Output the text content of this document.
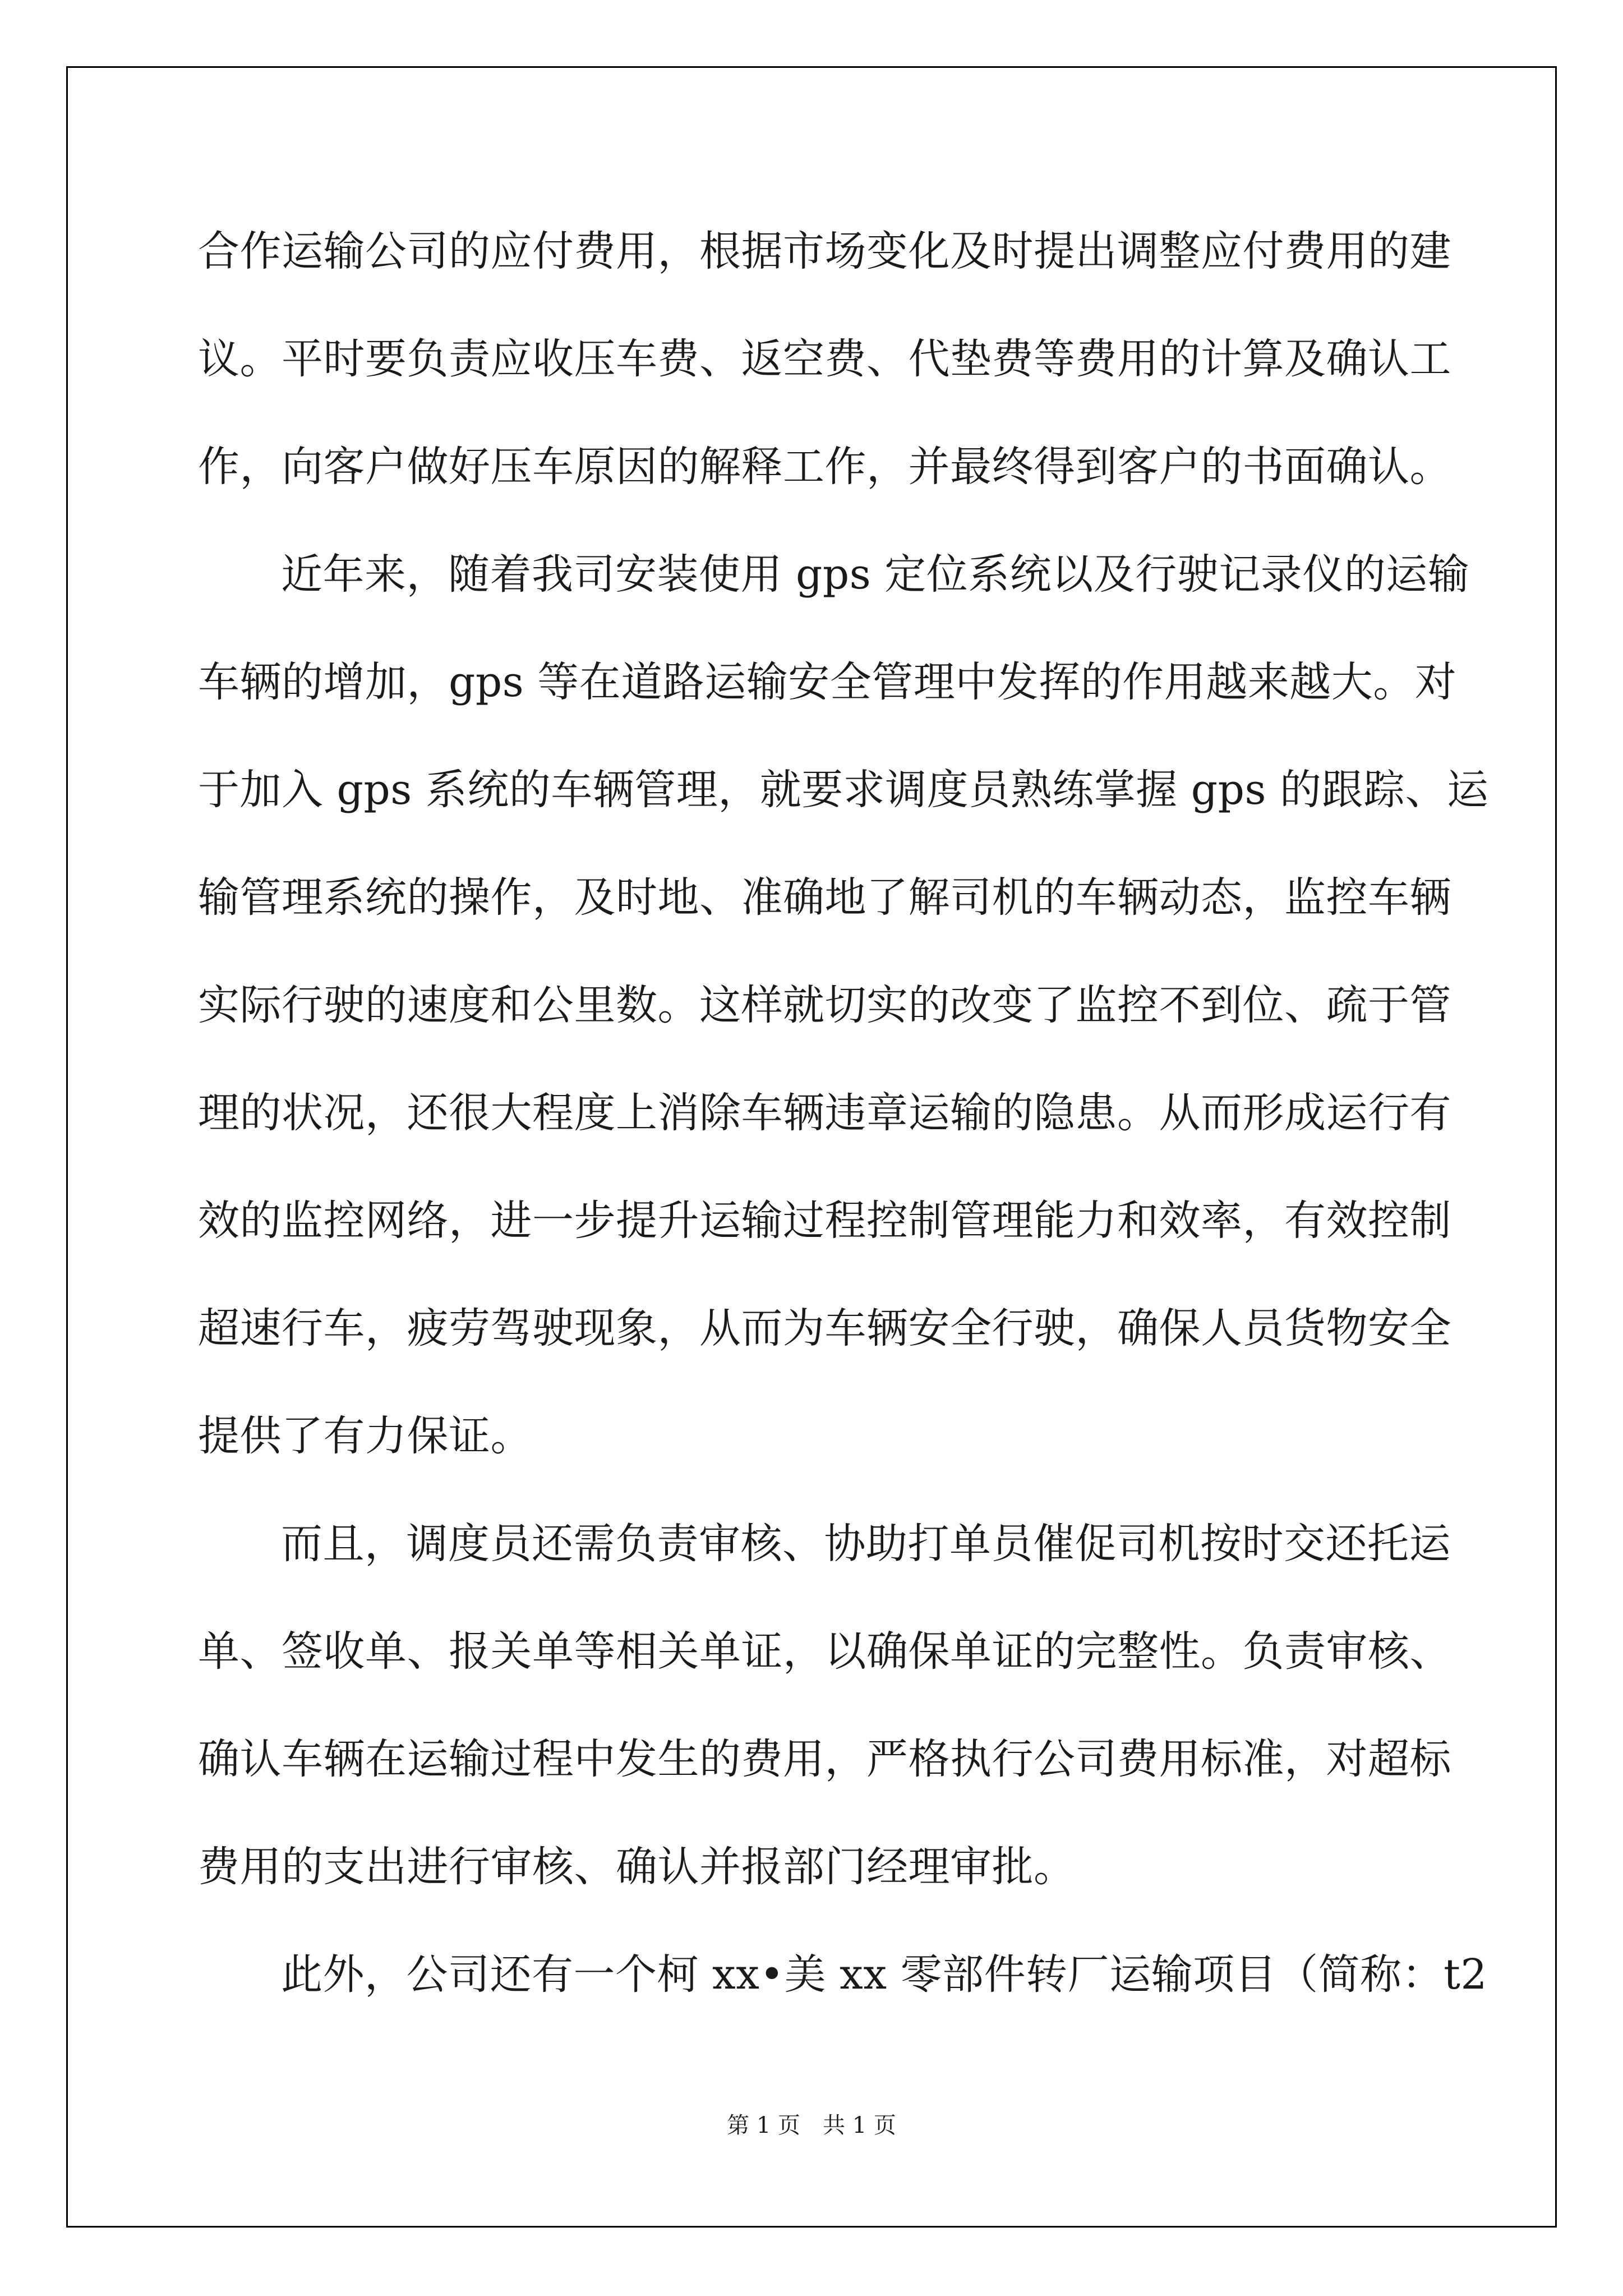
合作运输公司的应付费用，根据市场变化及时提出调整应付费用的建
议。平时要负责应收压车费、返空费、代垫费等费用的计算及确认工
作，向客户做好压车原因的解释工作，并最终得到客户的书面确认。
近年来，随着我司安装使用 gps 定位系统以及行驶记录仪的运输
车辆的增加，gps 等在道路运输安全管理中发挥的作用越来越大。对
于加入 gps 系统的车辆管理，就要求调度员熟练掌握 gps 的跟踪、运
输管理系统的操作，及时地、准确地了解司机的车辆动态，监控车辆
实际行驶的速度和公里数。这样就切实的改变了监控不到位、疏于管
理的状况，还很大程度上消除车辆违章运输的隐患。从而形成运行有
效的监控网络，进一步提升运输过程控制管理能力和效率，有效控制
超速行车，疲劳驾驶现象，从而为车辆安全行驶，确保人员货物安全
提供了有力保证。
而且，调度员还需负责审核、协助打单员催促司机按时交还托运
单、签收单、报关单等相关单证，以确保单证的完整性。负责审核、
确认车辆在运输过程中发生的费用，严格执行公司费用标准，对超标
费用的支出进行审核、确认并报部门经理审批。
此外，公司还有一个柯 xx•美 xx 零部件转厂运输项目（简称：t2
第 1 页 共 1 页
